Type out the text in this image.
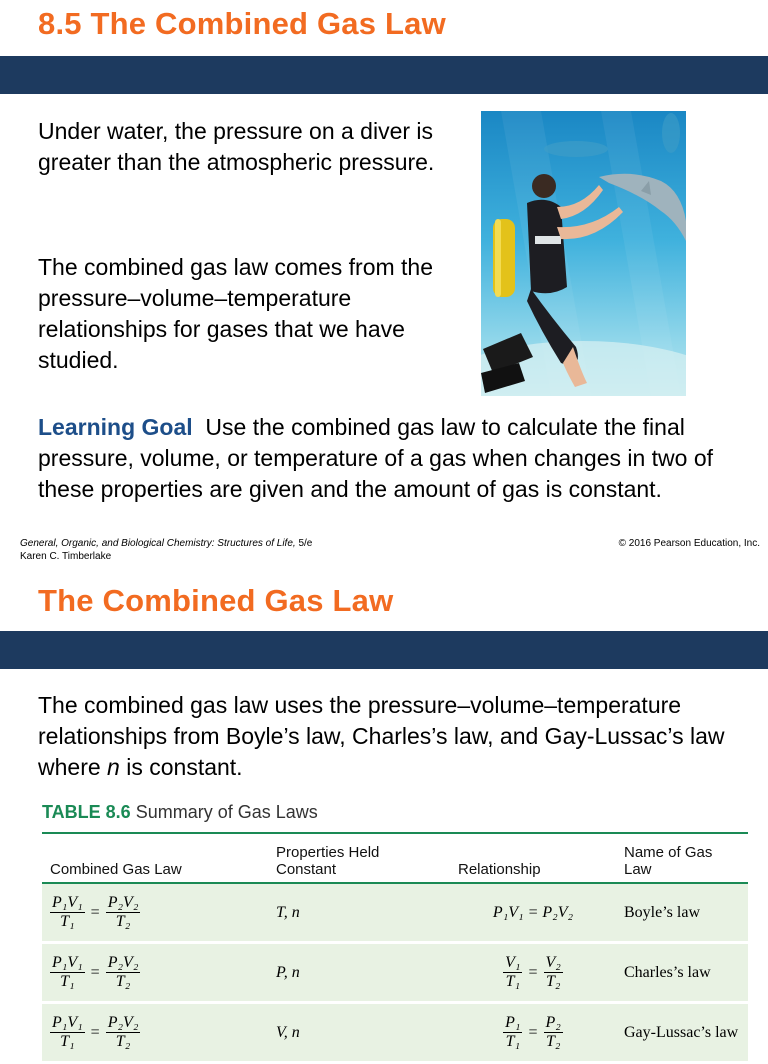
8.5 The Combined Gas Law

Under water, the pressure on a diver is greater than the atmospheric pressure.

The combined gas law comes from the pressure–volume–temperature relationships for gases that we have studied.

Learning Goal Use the combined gas law to calculate the final pressure, volume, or temperature of a gas when changes in two of these properties are given and the amount of gas is constant.

General, Organic, and Biological Chemistry: Structures of Life, 5/e
Karen C. Timberlake
© 2016 Pearson Education, Inc.
The Combined Gas Law

The combined gas law uses the pressure–volume–temperature relationships from Boyle’s law, Charles’s law, and Gay-Lussac’s law where n is constant.

TABLE 8.6 Summary of Gas Laws
Combined Gas Law	Properties Held Constant	Relationship	Name of Gas Law

$\frac{\text{P₁V₁}}{\text{T₁}} = \frac{\text{P₂V₂}}{\text{T₂}}$	T, n	P₁V₁ = P₂V₂	Boyle’s law

$\frac{\text{P₁V₁}}{\text{T₁}} = \frac{\text{P₂V₂}}{\text{T₂}}$	P, n	$\frac{\text{V₁}}{\text{T₁}} = \frac{\text{V₂}}{\text{T₂}}$	Charles’s law

$\frac{\text{P₁V₁}}{\text{T₁}} = \frac{\text{P₂V₂}}{\text{T₂}}$	V, n	$\frac{\text{P₁}}{\text{T₁}} = \frac{\text{P₂}}{\text{T₂}}$	Gay-Lussac’s law
